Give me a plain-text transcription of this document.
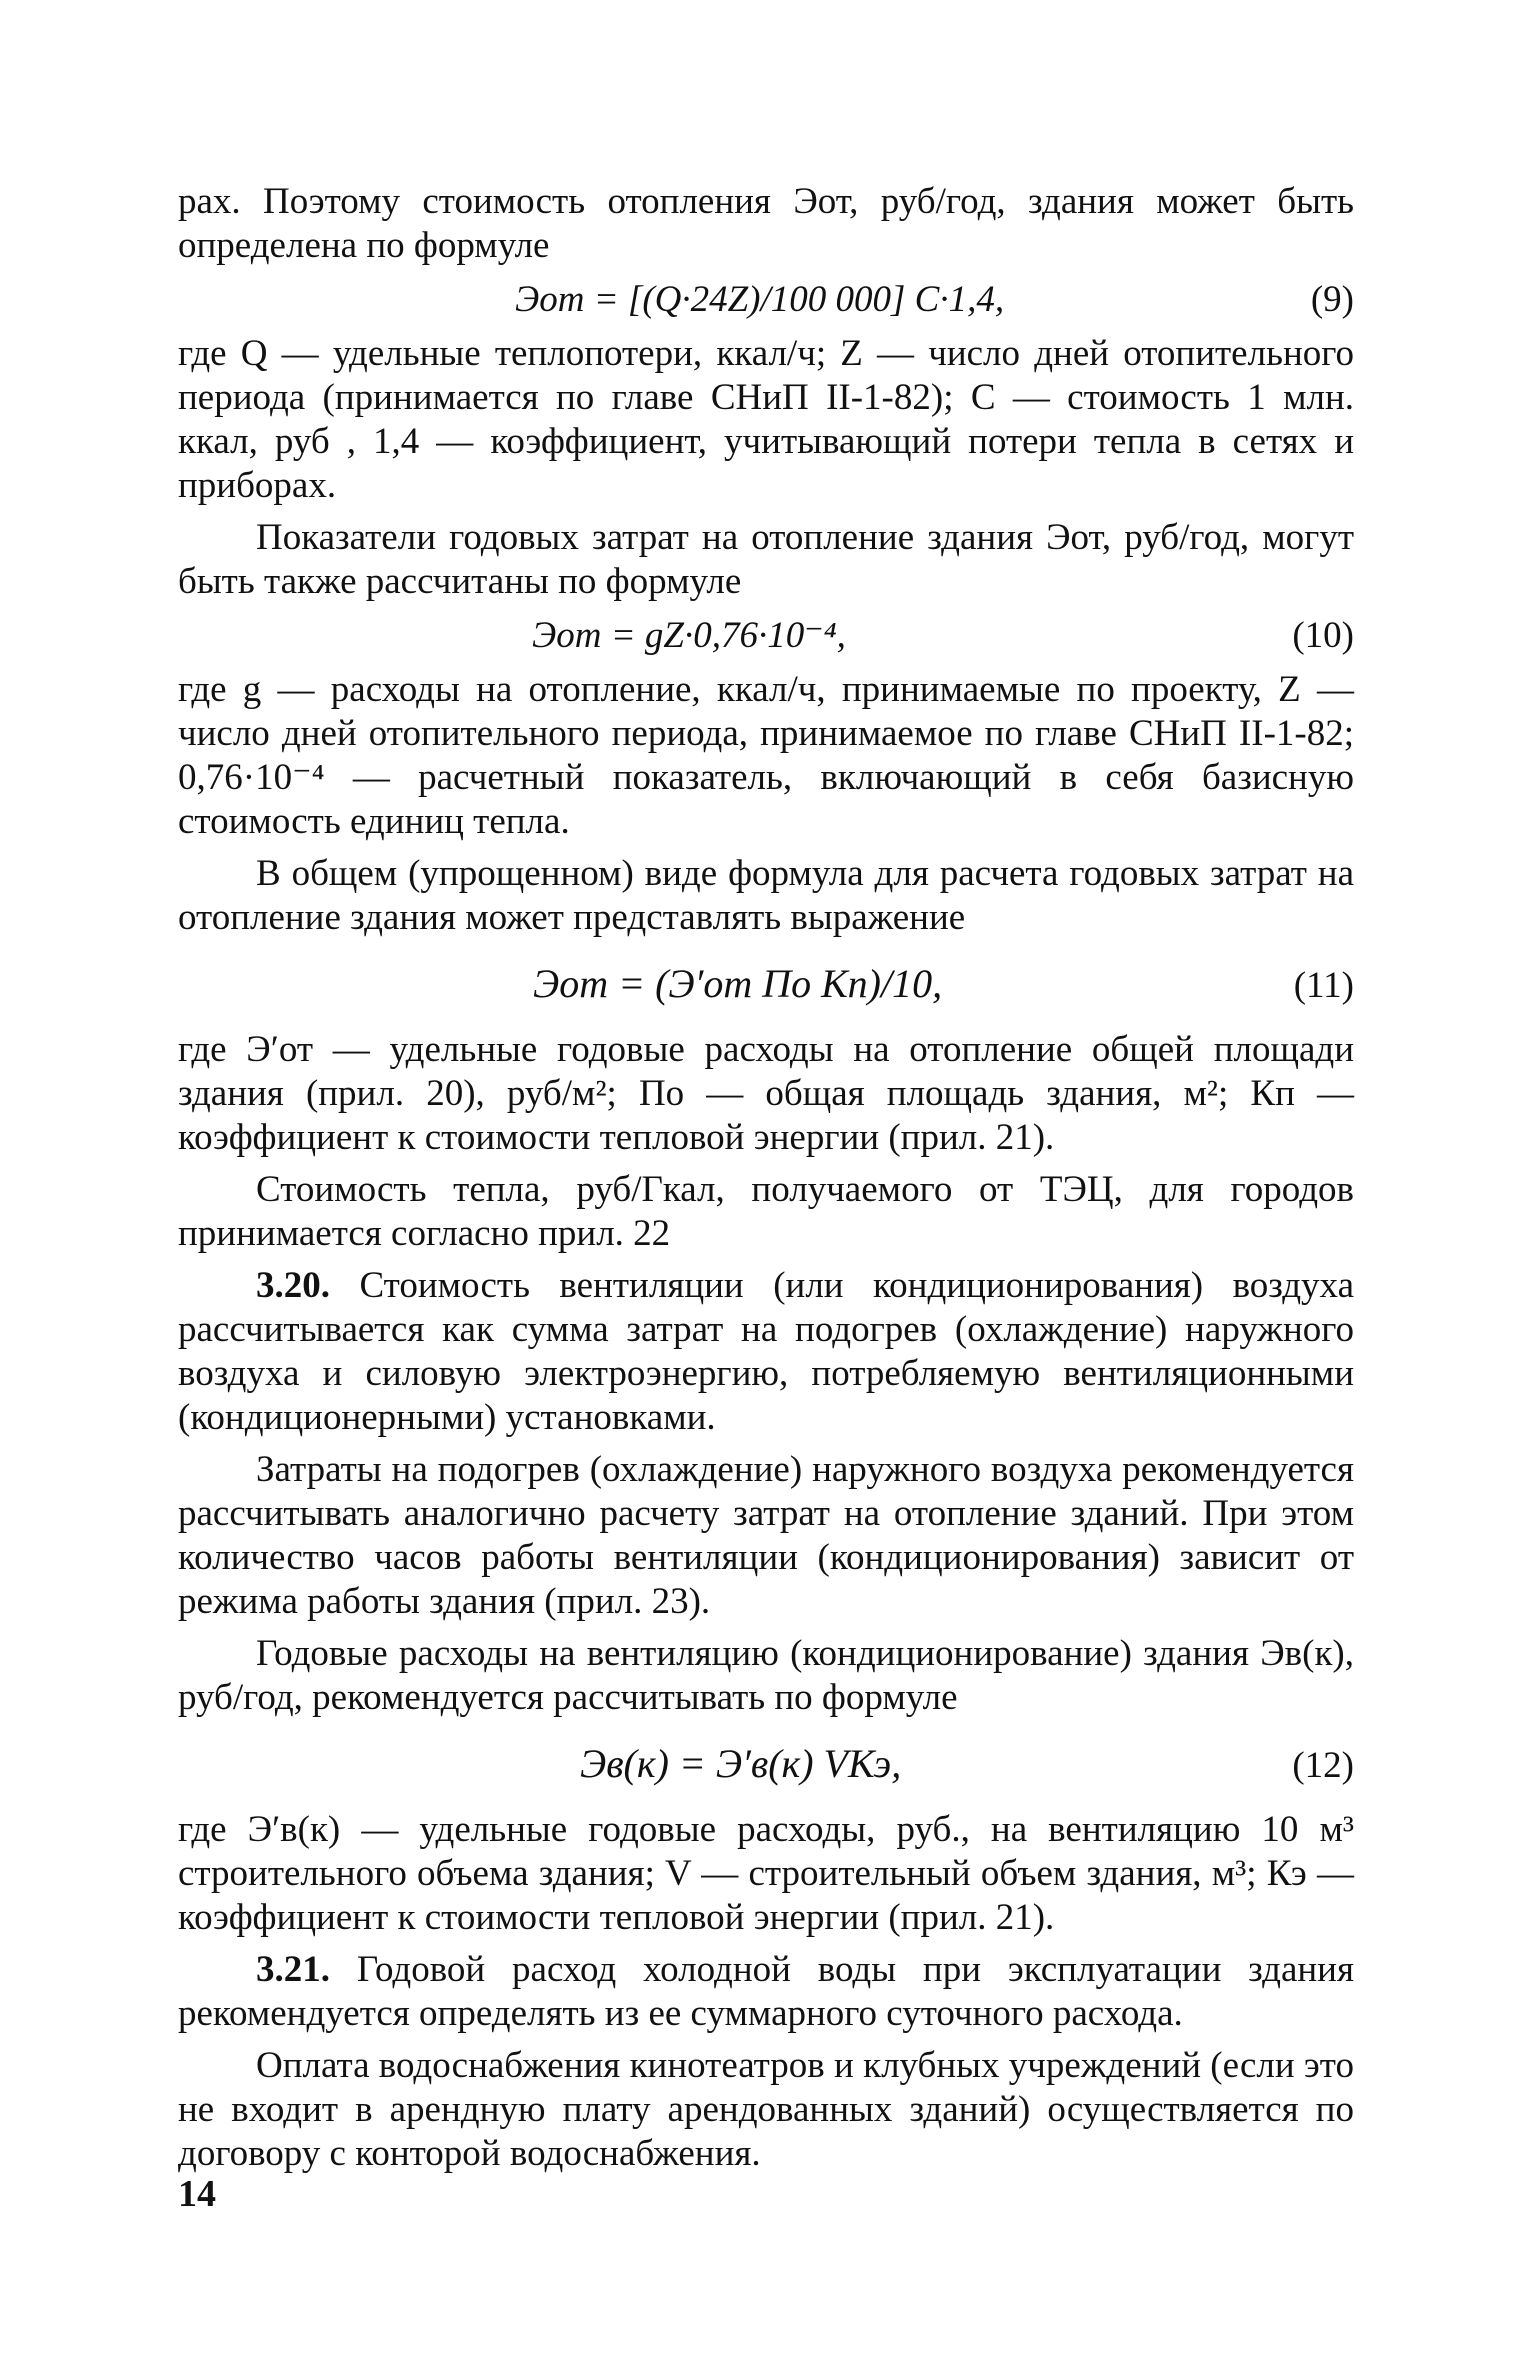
рах. Поэтому стоимость отопления Эот, руб/год, здания может быть определена по формуле

Эот = [(Q·24Z)/100 000] C·1,4,	(9)

где Q — удельные теплопотери, ккал/ч; Z — число дней отопительного периода (принимается по главе СНиП II-1-82); C — стоимость 1 млн. ккал, руб , 1,4 — коэффициент, учитывающий потери тепла в сетях и приборах.

Показатели годовых затрат на отопление здания Эот, руб/год, могут быть также рассчитаны по формуле

Эот = gZ·0,76·10⁻⁴,	(10)

где g — расходы на отопление, ккал/ч, принимаемые по проекту, Z — число дней отопительного периода, принимаемое по главе СНиП II-1-82; 0,76·10⁻⁴ — расчетный показатель, включающий в себя базисную стоимость единиц тепла.

В общем (упрощенном) виде формула для расчета годовых затрат на отопление здания может представлять выражение

Эот = (Э′от По Кп)/10,	(11)

где Э′от — удельные годовые расходы на отопление общей площади здания (прил. 20), руб/м²; По — общая площадь здания, м²; Кп — коэффициент к стоимости тепловой энергии (прил. 21).

Стоимость тепла, руб/Гкал, получаемого от ТЭЦ, для городов принимается согласно прил. 22

3.20. Стоимость вентиляции (или кондиционирования) воздуха рассчитывается как сумма затрат на подогрев (охлаждение) наружного воздуха и силовую электроэнергию, потребляемую вентиляционными (кондиционерными) установками.

Затраты на подогрев (охлаждение) наружного воздуха рекомендуется рассчитывать аналогично расчету затрат на отопление зданий. При этом количество часов работы вентиляции (кондиционирования) зависит от режима работы здания (прил. 23).

Годовые расходы на вентиляцию (кондиционирование) здания Эв(к), руб/год, рекомендуется рассчитывать по формуле

Эв(к) = Э′в(к) VКэ,	(12)

где Э′в(к) — удельные годовые расходы, руб., на вентиляцию 10 м³ строительного объема здания; V — строительный объем здания, м³; Кэ — коэффициент к стоимости тепловой энергии (прил. 21).

3.21. Годовой расход холодной воды при эксплуатации здания рекомендуется определять из ее суммарного суточного расхода.

Оплата водоснабжения кинотеатров и клубных учреждений (если это не входит в арендную плату арендованных зданий) осуществляется по договору с конторой водоснабжения.

14
